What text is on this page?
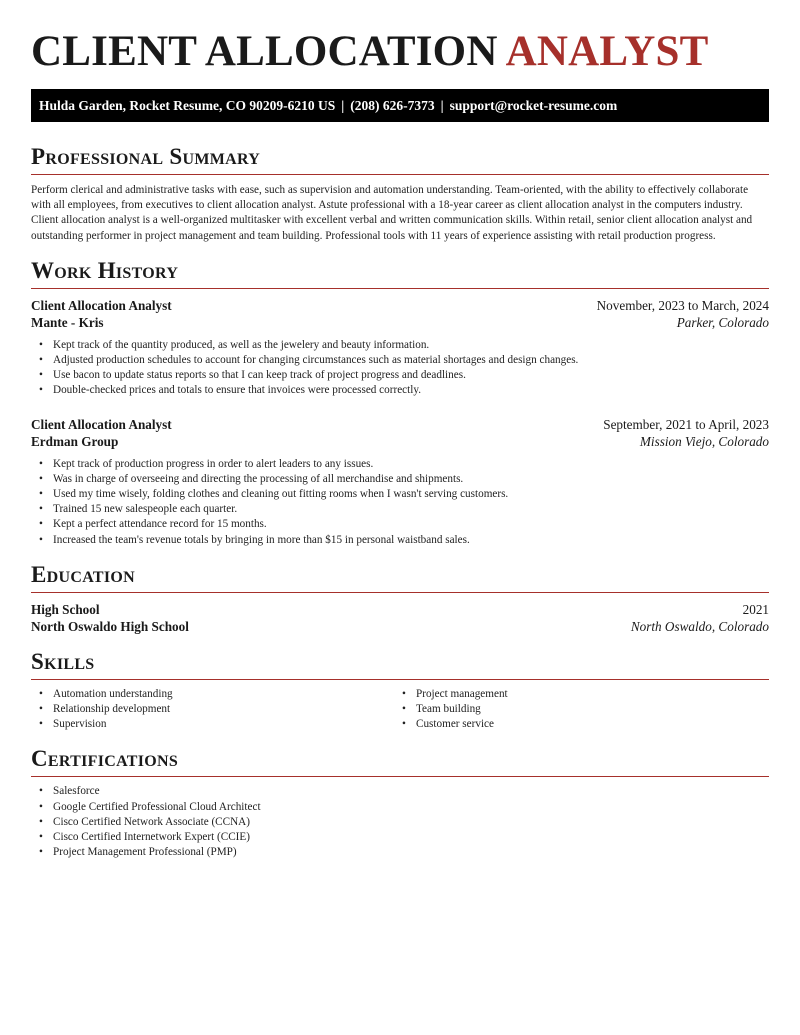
CLIENT ALLOCATION ANALYST
Hulda Garden, Rocket Resume, CO 90209-6210 US | (208) 626-7373 | support@rocket-resume.com
Professional Summary

Perform clerical and administrative tasks with ease, such as supervision and automation understanding. Team-oriented, with the ability to effectively collaborate with all employees, from executives to client allocation analyst. Astute professional with a 18-year career as client allocation analyst in the computers industry. Client allocation analyst is a well-organized multitasker with excellent verbal and written communication skills. Within retail, senior client allocation analyst and outstanding performer in project management and team building. Professional tools with 11 years of experience assisting with retail production progress.

Work History
Client Allocation Analyst	November, 2023 to March, 2024
Mante - Kris	Parker, Colorado
• Kept track of the quantity produced, as well as the jewelery and beauty information.
• Adjusted production schedules to account for changing circumstances such as material shortages and design changes.
• Use bacon to update status reports so that I can keep track of project progress and deadlines.
• Double-checked prices and totals to ensure that invoices were processed correctly.
Client Allocation Analyst	September, 2021 to April, 2023
Erdman Group	Mission Viejo, Colorado
• Kept track of production progress in order to alert leaders to any issues.
• Was in charge of overseeing and directing the processing of all merchandise and shipments.
• Used my time wisely, folding clothes and cleaning out fitting rooms when I wasn't serving customers.
• Trained 15 new salespeople each quarter.
• Kept a perfect attendance record for 15 months.
• Increased the team's revenue totals by bringing in more than $15 in personal waistband sales.
Education
High School	2021
North Oswaldo High School	North Oswaldo, Colorado
Skills
• Automation understanding
• Relationship development
• Supervision
• Project management
• Team building
• Customer service
Certifications
• Salesforce
• Google Certified Professional Cloud Architect
• Cisco Certified Network Associate (CCNA)
• Cisco Certified Internetwork Expert (CCIE)
• Project Management Professional (PMP)
